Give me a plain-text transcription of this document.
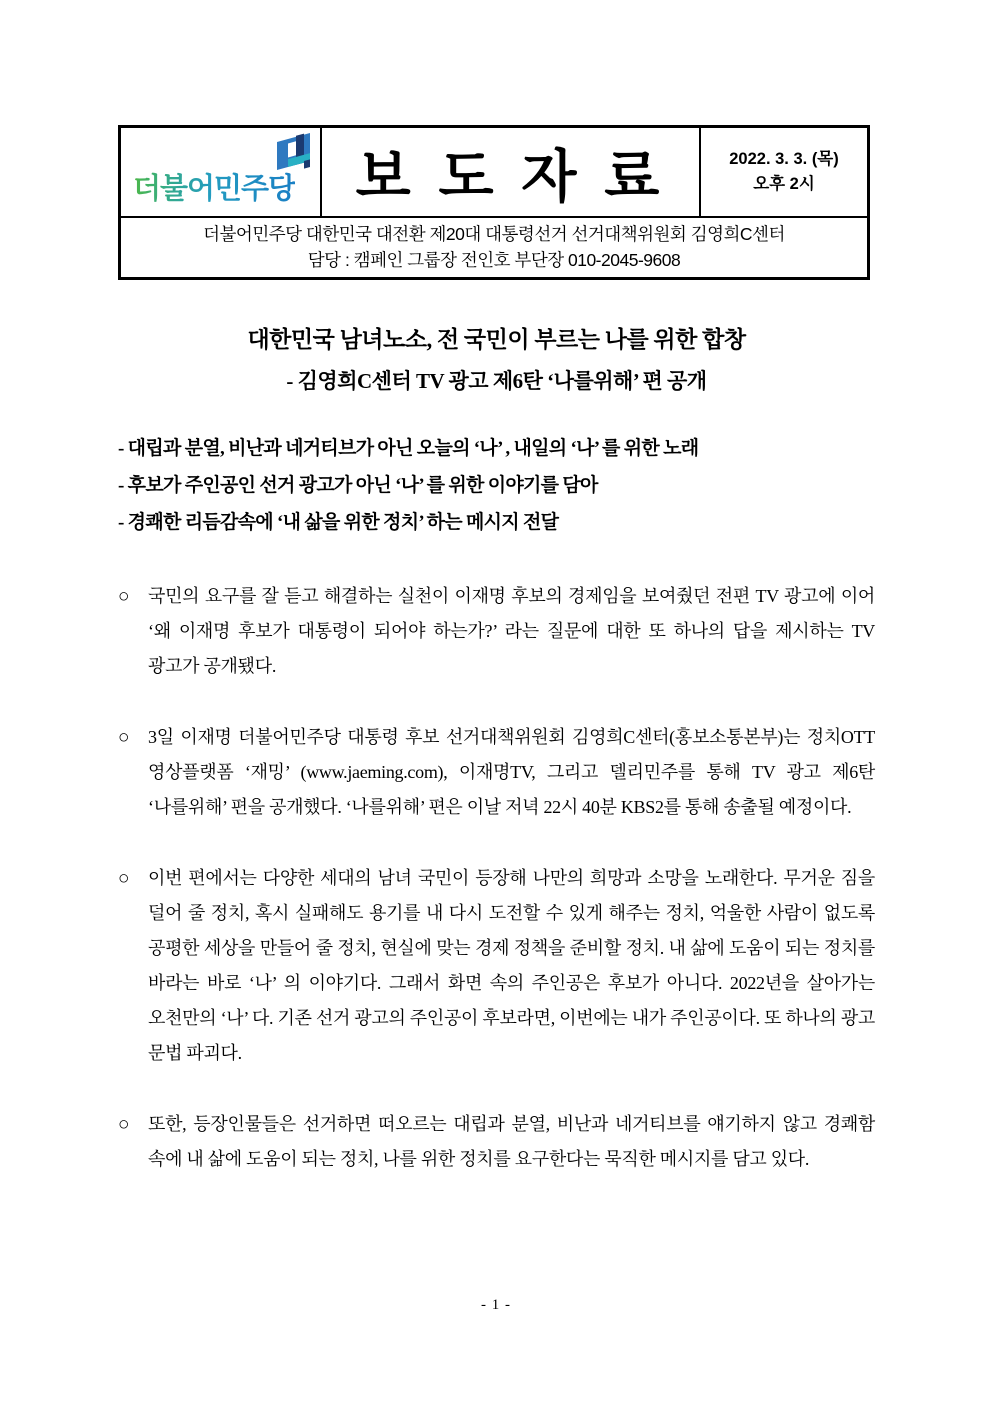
더불어민주당	보 도 자 료	2022. 3. 3. (목)
오후 2시
더불어민주당 대한민국 대전환 제20대 대통령선거 선거대책위원회 김영희C센터
담당 : 캠페인 그룹장 전인호 부단장 010-2045-9608
대한민국 남녀노소, 전 국민이 부르는 나를 위한 합창
- 김영희C센터 TV 광고 제6탄 ‘나를위해’ 편 공개
- 대립과 분열, 비난과 네거티브가 아닌 오늘의 ‘나’ , 내일의 ‘나’ 를 위한 노래
- 후보가 주인공인 선거 광고가 아닌 ‘나’ 를 위한 이야기를 담아
- 경쾌한 리듬감속에 ‘내 삶을 위한 정치’ 하는 메시지 전달
○	국민의 요구를 잘 듣고 해결하는 실천이 이재명 후보의 경제임을 보여줬던 전편 TV 광고에 이어 ‘왜 이재명 후보가 대통령이 되어야 하는가?’ 라는 질문에 대한 또 하나의 답을 제시하는 TV 광고가 공개됐다.
○	3일 이재명 더불어민주당 대통령 후보 선거대책위원회 김영희C센터(홍보소통본부)는 정치OTT 영상플랫폼 ‘재밍’ (www.jaeming.com), 이재명TV, 그리고 델리민주를 통해 TV 광고 제6탄 ‘나를위해’ 편을 공개했다. ‘나를위해’ 편은 이날 저녁 22시 40분 KBS2를 통해 송출될 예정이다.
○	이번 편에서는 다양한 세대의 남녀 국민이 등장해 나만의 희망과 소망을 노래한다. 무거운 짐을 덜어 줄 정치, 혹시 실패해도 용기를 내 다시 도전할 수 있게 해주는 정치, 억울한 사람이 없도록 공평한 세상을 만들어 줄 정치, 현실에 맞는 경제 정책을 준비할 정치. 내 삶에 도움이 되는 정치를 바라는 바로 ‘나’ 의 이야기다. 그래서 화면 속의 주인공은 후보가 아니다. 2022년을 살아가는 오천만의 ‘나’ 다. 기존 선거 광고의 주인공이 후보라면, 이번에는 내가 주인공이다. 또 하나의 광고 문법 파괴다.
○	또한, 등장인물들은 선거하면 떠오르는 대립과 분열, 비난과 네거티브를 얘기하지 않고 경쾌함 속에 내 삶에 도움이 되는 정치, 나를 위한 정치를 요구한다는 묵직한 메시지를 담고 있다.
- 1 -
